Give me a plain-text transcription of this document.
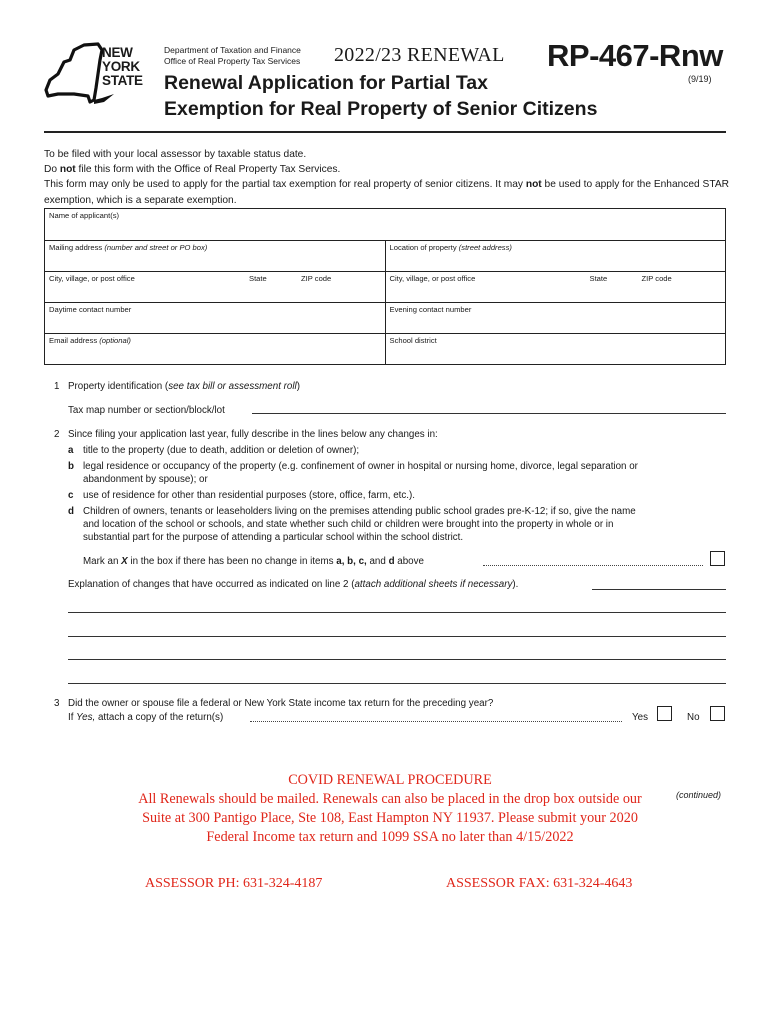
NEW
YORK
STATE
Department of Taxation and Finance
Office of Real Property Tax Services 2022/23 RENEWAL RP-467-Rnw
(9/19)
Renewal Application for Partial Tax
Exemption for Real Property of Senior Citizens
To be filed with your local assessor by taxable status date.
Do not file this form with the Office of Real Property Tax Services.
This form may only be used to apply for the partial tax exemption for real property of senior citizens. It may not be used to apply for the Enhanced STAR exemption, which is a separate exemption.
Name of applicant(s)
Mailing address (number and street or PO box)	Location of property (street address)
City, village, or post office	State	ZIP code	City, village, or post office	State	ZIP code
Daytime contact number	Evening contact number
Email address (optional)	School district
1 Property identification (see tax bill or assessment roll)
Tax map number or section/block/lot
2 Since filing your application last year, fully describe in the lines below any changes in:
a title to the property (due to death, addition or deletion of owner);
b legal residence or occupancy of the property (e.g. confinement of owner in hospital or nursing home, divorce, legal separation or
abandonment by spouse); or
c use of residence for other than residential purposes (store, office, farm, etc.).
d Children of owners, tenants or leaseholders living on the premises attending public school grades pre-K-12; if so, give the name
and location of the school or schools, and state whether such child or children were brought into the property in whole or in
substantial part for the purpose of attending a particular school within the school district.
Mark an X in the box if there has been no change in items a, b, c, and d above
Explanation of changes that have occurred as indicated on line 2 (attach additional sheets if necessary).
3 Did the owner or spouse file a federal or New York State income tax return for the preceding year?
If Yes, attach a copy of the return(s)	Yes	No
COVID RENEWAL PROCEDURE
All Renewals should be mailed. Renewals can also be placed in the drop box outside our
Suite at 300 Pantigo Place, Ste 108, East Hampton NY 11937. Please submit your 2020
Federal Income tax return and 1099 SSA no later than 4/15/2022
(continued)
ASSESSOR PH: 631-324-4187	ASSESSOR FAX: 631-324-4643
